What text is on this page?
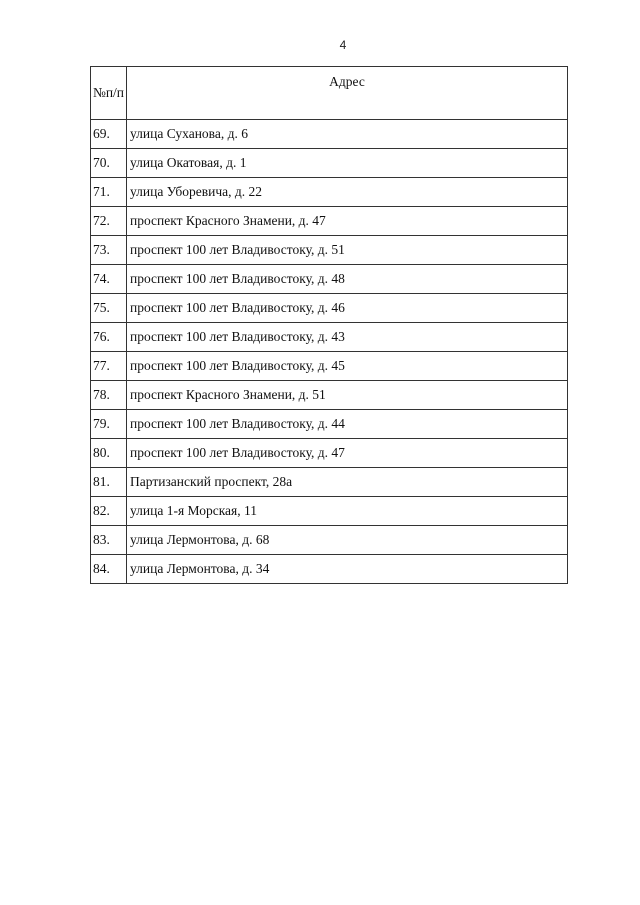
4
№п/п	Адрес
69.	улица Суханова, д. 6
70.	улица Окатовая, д. 1
71.	улица Уборевича, д. 22
72.	проспект Красного Знамени, д. 47
73.	проспект 100 лет Владивостоку, д. 51
74.	проспект 100 лет Владивостоку, д. 48
75.	проспект 100 лет Владивостоку, д. 46
76.	проспект 100 лет Владивостоку, д. 43
77.	проспект 100 лет Владивостоку, д. 45
78.	проспект Красного Знамени, д. 51
79.	проспект 100 лет Владивостоку, д. 44
80.	проспект 100 лет Владивостоку, д. 47
81.	Партизанский проспект, 28а
82.	улица 1-я Морская, 11
83.	улица Лермонтова, д. 68
84.	улица Лермонтова, д. 34
